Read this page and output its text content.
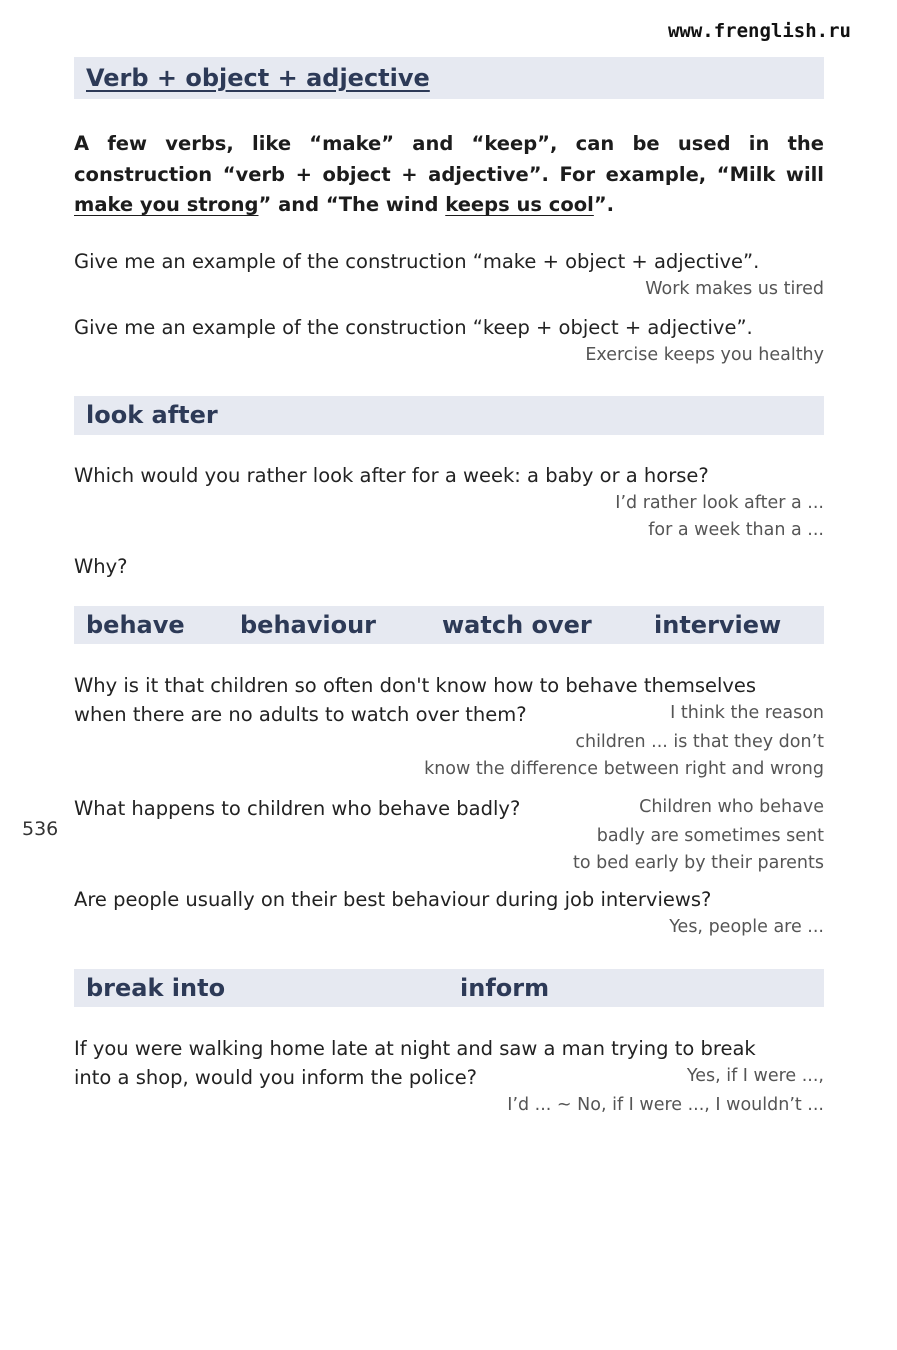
www.frenglish.ru
536
Verb + object + adjective
A few verbs, like “make” and “keep”, can be used in the construction “verb + object + adjective”. For example, “Milk will make you strong” and “The wind keeps us cool”.
Give me an example of the construction “make + object + adjective”.
Work makes us tired
Give me an example of the construction “keep + object + adjective”.
Exercise keeps you healthy
look after
Which would you rather look after for a week: a baby or a horse?
I’d rather look after a ...
for a week than a ...
Why?
behave behaviour	watch over	interview
Why is it that children so often don't know how to behave themselves
when there are no adults to watch over them?	I think the reason
children ... is that they don’t
know the difference between right and wrong
What happens to children who behave badly?	Children who behave
badly are sometimes sent
to bed early by their parents
Are people usually on their best behaviour during job interviews?
Yes, people are ...
break into	inform
If you were walking home late at night and saw a man trying to break
into a shop, would you inform the police?	Yes, if I were ...,
I’d ... ~ No, if I were ..., I wouldn’t ...
